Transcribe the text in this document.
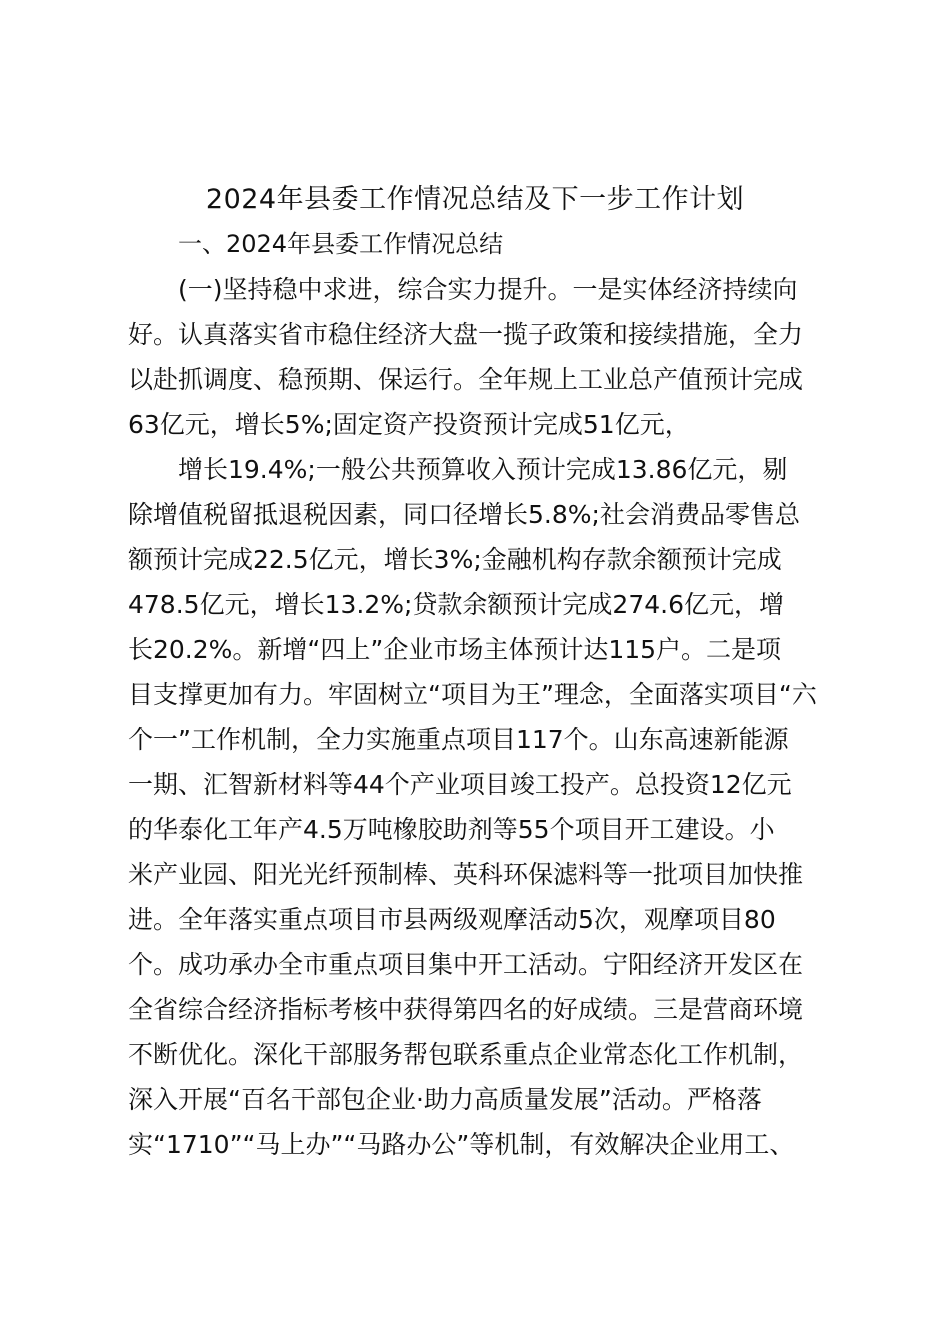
2024年县委工作情况总结及下一步工作计划
一、2024年县委工作情况总结
(一)坚持稳中求进，综合实力提升。一是实体经济持续向
好。认真落实省市稳住经济大盘一揽子政策和接续措施，全力
以赴抓调度、稳预期、保运行。全年规上工业总产值预计完成
63亿元，增长5%;固定资产投资预计完成51亿元，
增长19.4%;一般公共预算收入预计完成13.86亿元，剔
除增值税留抵退税因素，同口径增长5.8%;社会消费品零售总
额预计完成22.5亿元，增长3%;金融机构存款余额预计完成
478.5亿元，增长13.2%;贷款余额预计完成274.6亿元，增
长20.2%。新增“四上”企业市场主体预计达115户。二是项
目支撑更加有力。牢固树立“项目为王”理念，全面落实项目“六
个一”工作机制，全力实施重点项目117个。山东高速新能源
一期、汇智新材料等44个产业项目竣工投产。总投资12亿元
的华泰化工年产4.5万吨橡胶助剂等55个项目开工建设。小
米产业园、阳光光纤预制棒、英科环保滤料等一批项目加快推
进。全年落实重点项目市县两级观摩活动5次，观摩项目80
个。成功承办全市重点项目集中开工活动。宁阳经济开发区在
全省综合经济指标考核中获得第四名的好成绩。三是营商环境
不断优化。深化干部服务帮包联系重点企业常态化工作机制，
深入开展“百名干部包企业·助力高质量发展”活动。严格落
实“1710”“马上办”“马路办公”等机制，有效解决企业用工、
